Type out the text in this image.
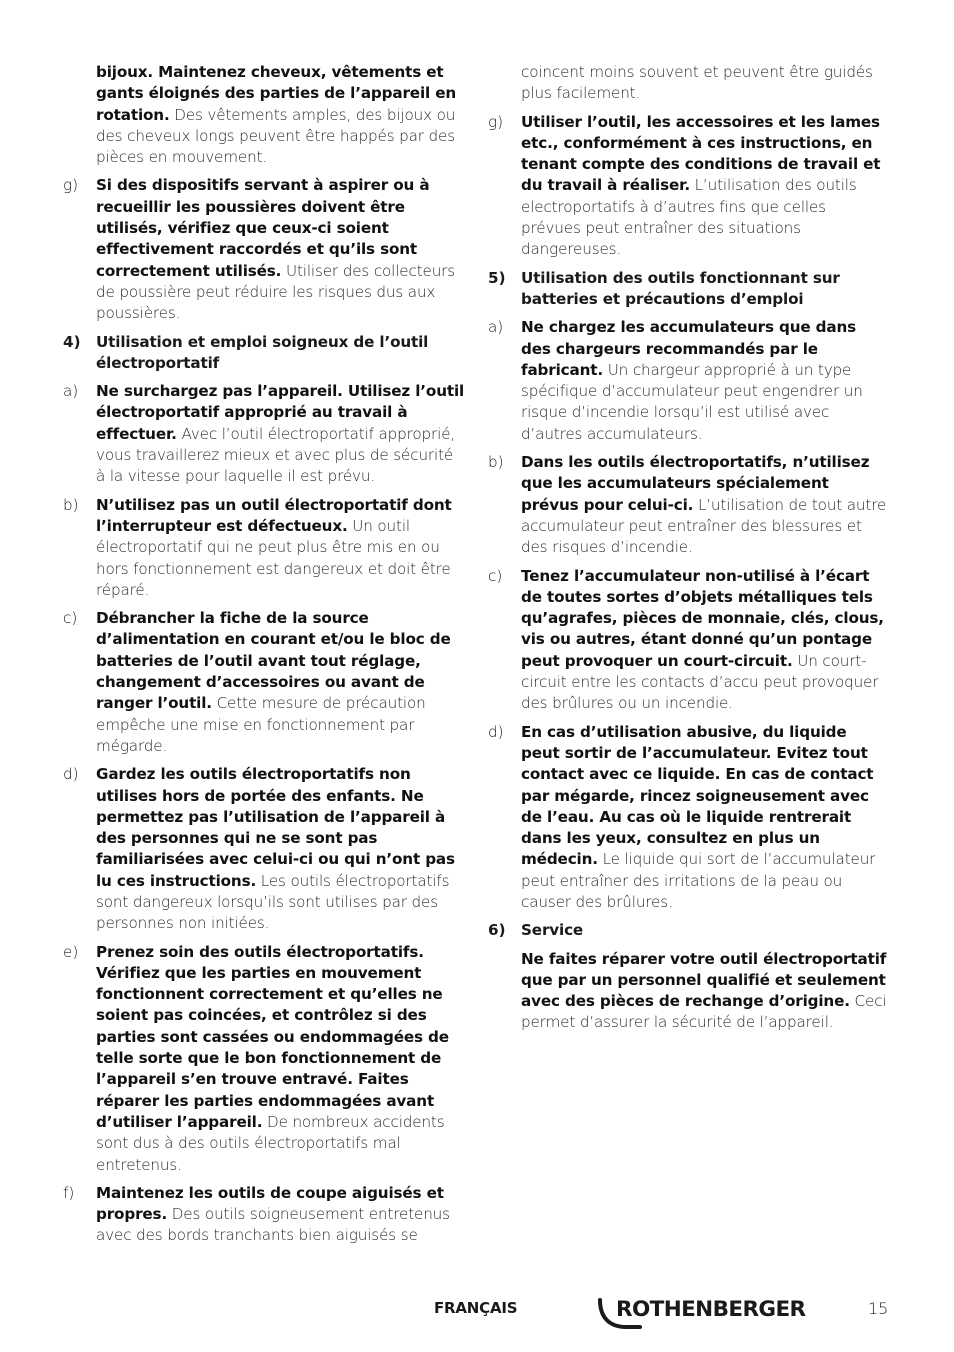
bijoux. Maintenez cheveux, vêtements et gants éloignés des parties de l’appareil en rotation. Des vêtements amples, des bijoux ou des cheveux longs peuvent être happés par des pièces en mouvement.
g)	Si des dispositifs servant à aspirer ou à recueillir les poussières doivent être utilisés, vérifiez que ceux-ci soient effectivement raccordés et qu’ils sont correctement utilisés. Utiliser des collecteurs de poussière peut réduire les risques dus aux poussières.
4)	Utilisation et emploi soigneux de l’outil électroportatif
a)	Ne surchargez pas l’appareil. Utilisez l’outil électroportatif approprié au travail à effectuer. Avec l’outil électroportatif approprié, vous travaillerez mieux et avec plus de sécurité à la vitesse pour laquelle il est prévu.
b)	N’utilisez pas un outil électroportatif dont l’interrupteur est défectueux. Un outil électroportatif qui ne peut plus être mis en ou hors fonctionnement est dangereux et doit être réparé.
c)	Débrancher la fiche de la source d’alimentation en courant et/ou le bloc de batteries de l’outil avant tout réglage, changement d’accessoires ou avant de ranger l’outil. Cette mesure de précaution empêche une mise en fonctionnement par mégarde.
d)	Gardez les outils électroportatifs non utilises hors de portée des enfants. Ne permettez pas l’utilisation de l’appareil à des personnes qui ne se sont pas familiarisées avec celui-ci ou qui n’ont pas lu ces instructions. Les outils électroportatifs sont dangereux lorsqu’ils sont utilises par des personnes non initiées.
e)	Prenez soin des outils électroportatifs. Vérifiez que les parties en mouvement fonctionnent correctement et qu’elles ne soient pas coincées, et contrôlez si des parties sont cassées ou endommagées de telle sorte que le bon fonctionnement de l’appareil s’en trouve entravé. Faites réparer les parties endommagées avant d’utiliser l’appareil. De nombreux accidents sont dus à des outils électroportatifs mal entretenus.
f)	Maintenez les outils de coupe aiguisés et propres. Des outils soigneusement entretenus avec des bords tranchants bien aiguisés se
coincent moins souvent et peuvent être guidés plus facilement.
g)	Utiliser l’outil, les accessoires et les lames etc., conformément à ces instructions, en tenant compte des conditions de travail et du travail à réaliser. L’utilisation des outils electroportatifs à d’autres fins que celles prévues peut entraîner des situations dangereuses.
5)	Utilisation des outils fonctionnant sur batteries et précautions d’emploi
a)	Ne chargez les accumulateurs que dans des chargeurs recommandés par le fabricant. Un chargeur approprié à un type spécifique d’accumulateur peut engendrer un risque d’incendie lorsqu’il est utilisé avec d’autres accumulateurs.
b)	Dans les outils électroportatifs, n’utilisez que les accumulateurs spécialement prévus pour celui-ci. L’utilisation de tout autre accumulateur peut entraîner des blessures et des risques d’incendie.
c)	Tenez l’accumulateur non-utilisé à l’écart de toutes sortes d’objets métalliques tels qu’agrafes, pièces de monnaie, clés, clous, vis ou autres, étant donné qu’un pontage peut provoquer un court-circuit. Un court-circuit entre les contacts d’accu peut provoquer des brûlures ou un incendie.
d)	En cas d’utilisation abusive, du liquide peut sortir de l’accumulateur. Evitez tout contact avec ce liquide. En cas de contact par mégarde, rincez soigneusement avec de l’eau. Au cas où le liquide rentrerait dans les yeux, consultez en plus un médecin. Le liquide qui sort de l’accumulateur peut entraîner des irritations de la peau ou causer des brûlures.
6)	Service
Ne faites réparer votre outil électroportatif que par un personnel qualifié et seulement avec des pièces de rechange d’origine. Ceci permet d’assurer la sécurité de l’appareil.
FRANÇAIS	ROTHENBERGER	15
